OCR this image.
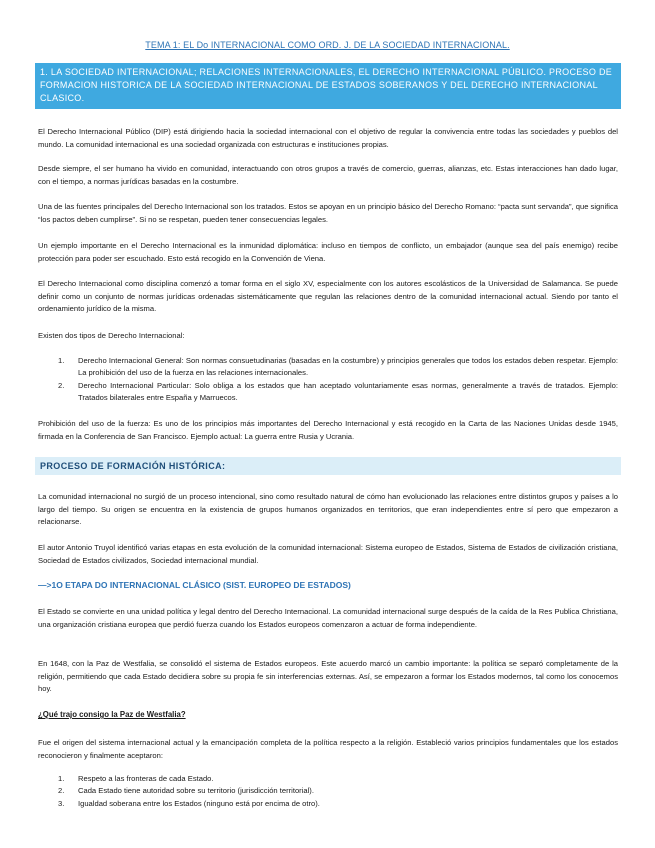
TEMA 1: EL Do INTERNACIONAL COMO ORD. J. DE LA SOCIEDAD INTERNACIONAL.
1. LA SOCIEDAD INTERNACIONAL; RELACIONES INTERNACIONALES, EL DERECHO INTERNACIONAL PÚBLICO. PROCESO DE FORMACION HISTORICA DE LA SOCIEDAD INTERNACIONAL DE ESTADOS SOBERANOS Y DEL DERECHO INTERNACIONAL CLASICO.

El Derecho Internacional Público (DIP) está dirigiendo hacia la sociedad internacional con el objetivo de regular la convivencia entre todas las sociedades y pueblos del mundo. La comunidad internacional es una sociedad organizada con estructuras e instituciones propias.

Desde siempre, el ser humano ha vivido en comunidad, interactuando con otros grupos a través de comercio, guerras, alianzas, etc. Estas interacciones han dado lugar, con el tiempo, a normas jurídicas basadas en la costumbre.

Una de las fuentes principales del Derecho Internacional son los tratados. Estos se apoyan en un principio básico del Derecho Romano: “pacta sunt servanda”, que significa “los pactos deben cumplirse”. Si no se respetan, pueden tener consecuencias legales.

Un ejemplo importante en el Derecho Internacional es la inmunidad diplomática: incluso en tiempos de conflicto, un embajador (aunque sea del país enemigo) recibe protección para poder ser escuchado. Esto está recogido en la Convención de Viena.

El Derecho Internacional como disciplina comenzó a tomar forma en el siglo XV, especialmente con los autores escolásticos de la Universidad de Salamanca. Se puede definir como un conjunto de normas jurídicas ordenadas sistemáticamente que regulan las relaciones dentro de la comunidad internacional actual. Siendo por tanto el ordenamiento jurídico de la misma.

Existen dos tipos de Derecho Internacional:

1. Derecho Internacional General: Son normas consuetudinarias (basadas en la costumbre) y principios generales que todos los estados deben respetar. Ejemplo: La prohibición del uso de la fuerza en las relaciones internacionales.
2. Derecho Internacional Particular: Solo obliga a los estados que han aceptado voluntariamente esas normas, generalmente a través de tratados. Ejemplo: Tratados bilaterales entre España y Marruecos.

Prohibición del uso de la fuerza: Es uno de los principios más importantes del Derecho Internacional y está recogido en la Carta de las Naciones Unidas desde 1945, firmada en la Conferencia de San Francisco. Ejemplo actual: La guerra entre Rusia y Ucrania.

PROCESO DE FORMACIÓN HISTÓRICA:

La comunidad internacional no surgió de un proceso intencional, sino como resultado natural de cómo han evolucionado las relaciones entre distintos grupos y países a lo largo del tiempo. Su origen se encuentra en la existencia de grupos humanos organizados en territorios, que eran independientes entre sí pero que empezaron a relacionarse.

El autor Antonio Truyol identificó varias etapas en esta evolución de la comunidad internacional: Sistema europeo de Estados, Sistema de Estados de civilización cristiana, Sociedad de Estados civilizados, Sociedad internacional mundial.

—>1O ETAPA DO INTERNACIONAL CLÁSICO (SIST. EUROPEO DE ESTADOS)

El Estado se convierte en una unidad política y legal dentro del Derecho Internacional. La comunidad internacional surge después de la caída de la Res Publica Christiana, una organización cristiana europea que perdió fuerza cuando los Estados europeos comenzaron a actuar de forma independiente.

En 1648, con la Paz de Westfalia, se consolidó el sistema de Estados europeos. Este acuerdo marcó un cambio importante: la política se separó completamente de la religión, permitiendo que cada Estado decidiera sobre su propia fe sin interferencias externas. Así, se empezaron a formar los Estados modernos, tal como los conocemos hoy.

¿Qué trajo consigo la Paz de Westfalia?

Fue el origen del sistema internacional actual y la emancipación completa de la política respecto a la religión. Estableció varios principios fundamentales que los estados reconocieron y finalmente aceptaron:

1. Respeto a las fronteras de cada Estado.
2. Cada Estado tiene autoridad sobre su territorio (jurisdicción territorial).
3. Igualdad soberana entre los Estados (ninguno está por encima de otro).
